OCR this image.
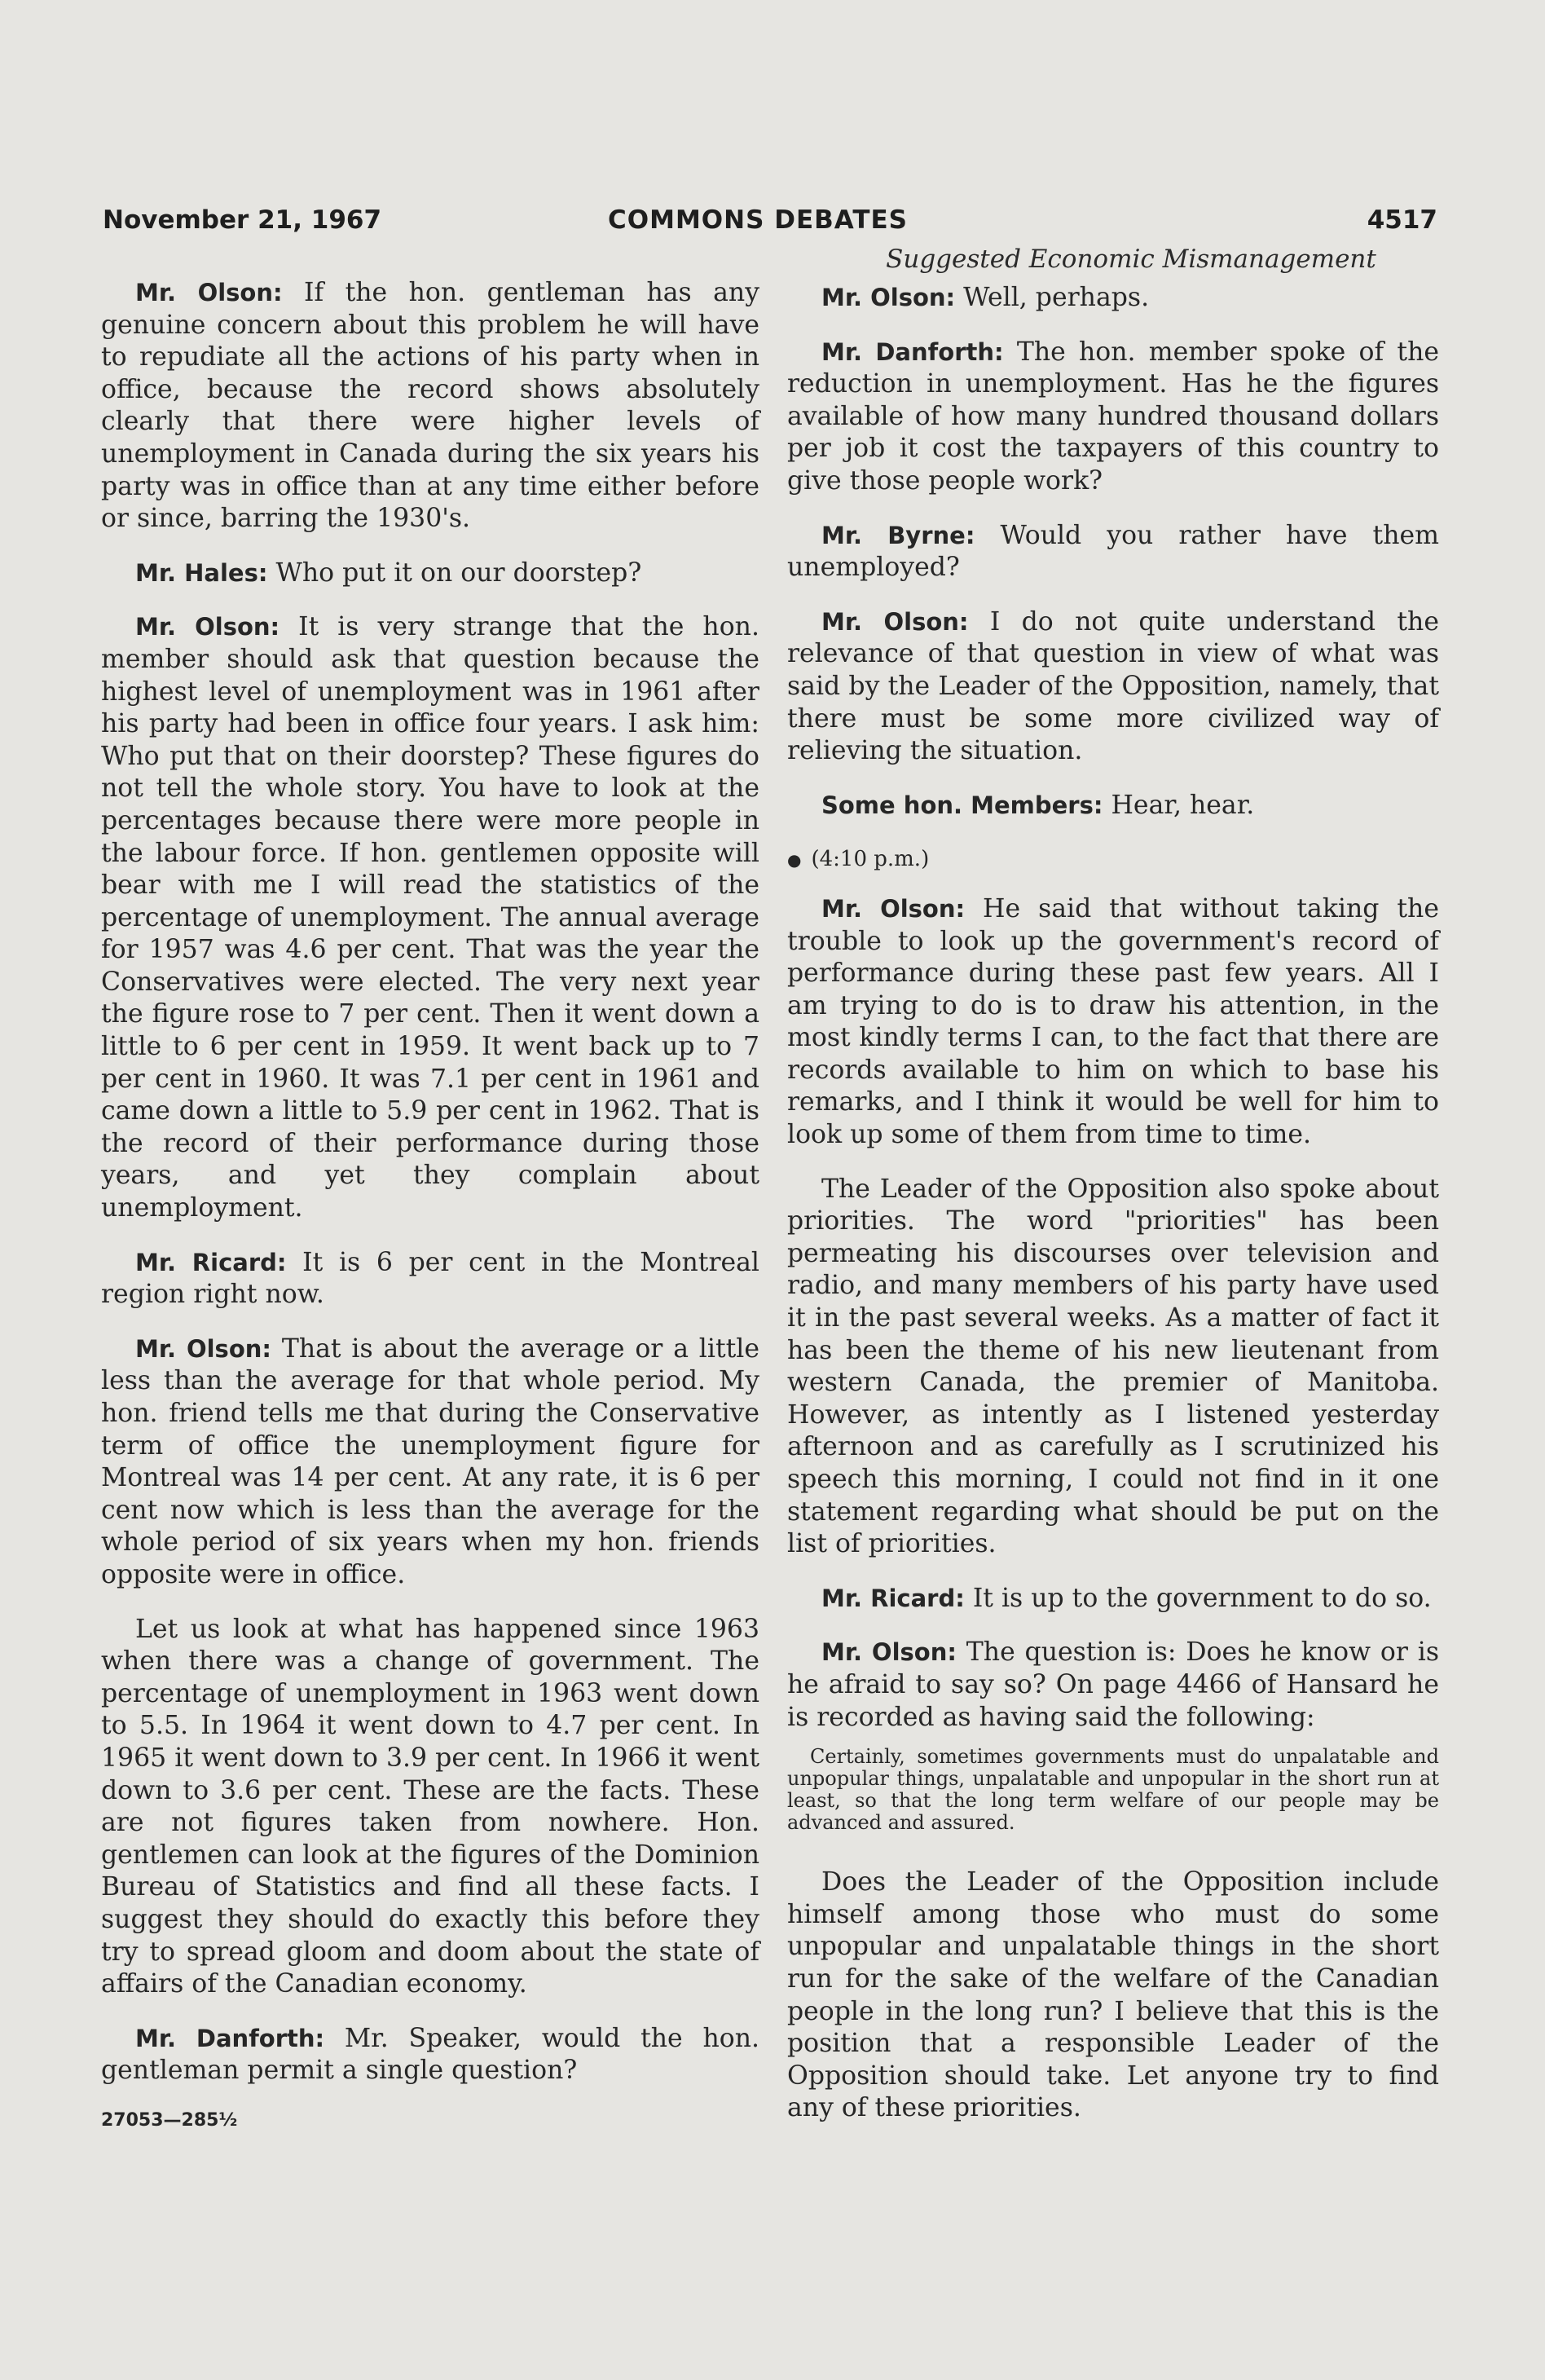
November 21, 1967	COMMONS DEBATES	4517
Suggested Economic Mismanagement

Mr. Olson: If the hon. gentleman has any genuine concern about this problem he will have to repudiate all the actions of his party when in office, because the record shows absolutely clearly that there were higher levels of unemployment in Canada during the six years his party was in office than at any time either before or since, barring the 1930's.

Mr. Hales: Who put it on our doorstep?

Mr. Olson: It is very strange that the hon. member should ask that question because the highest level of unemployment was in 1961 after his party had been in office four years. I ask him: Who put that on their doorstep? These figures do not tell the whole story. You have to look at the percentages because there were more people in the labour force. If hon. gentlemen opposite will bear with me I will read the statistics of the percentage of unemployment. The annual average for 1957 was 4.6 per cent. That was the year the Conservatives were elected. The very next year the figure rose to 7 per cent. Then it went down a little to 6 per cent in 1959. It went back up to 7 per cent in 1960. It was 7.1 per cent in 1961 and came down a little to 5.9 per cent in 1962. That is the record of their performance during those years, and yet they complain about unemployment.

Mr. Ricard: It is 6 per cent in the Montreal region right now.

Mr. Olson: That is about the average or a little less than the average for that whole period. My hon. friend tells me that during the Conservative term of office the unemployment figure for Montreal was 14 per cent. At any rate, it is 6 per cent now which is less than the average for the whole period of six years when my hon. friends opposite were in office.

Let us look at what has happened since 1963 when there was a change of government. The percentage of unemployment in 1963 went down to 5.5. In 1964 it went down to 4.7 per cent. In 1965 it went down to 3.9 per cent. In 1966 it went down to 3.6 per cent. These are the facts. These are not figures taken from nowhere. Hon. gentlemen can look at the figures of the Dominion Bureau of Statistics and find all these facts. I suggest they should do exactly this before they try to spread gloom and doom about the state of affairs of the Canadian economy.

Mr. Danforth: Mr. Speaker, would the hon. gentleman permit a single question?

27053—285½

Mr. Olson: Well, perhaps.

Mr. Danforth: The hon. member spoke of the reduction in unemployment. Has he the figures available of how many hundred thousand dollars per job it cost the taxpayers of this country to give those people work?

Mr. Byrne: Would you rather have them unemployed?

Mr. Olson: I do not quite understand the relevance of that question in view of what was said by the Leader of the Opposition, namely, that there must be some more civilized way of relieving the situation.

Some hon. Members: Hear, hear.

● (4:10 p.m.)

Mr. Olson: He said that without taking the trouble to look up the government's record of performance during these past few years. All I am trying to do is to draw his attention, in the most kindly terms I can, to the fact that there are records available to him on which to base his remarks, and I think it would be well for him to look up some of them from time to time.

The Leader of the Opposition also spoke about priorities. The word "priorities" has been permeating his discourses over television and radio, and many members of his party have used it in the past several weeks. As a matter of fact it has been the theme of his new lieutenant from western Canada, the premier of Manitoba. However, as intently as I listened yesterday afternoon and as carefully as I scrutinized his speech this morning, I could not find in it one statement regarding what should be put on the list of priorities.

Mr. Ricard: It is up to the government to do so.

Mr. Olson: The question is: Does he know or is he afraid to say so? On page 4466 of Hansard he is recorded as having said the following:

Certainly, sometimes governments must do unpalatable and unpopular things, unpalatable and unpopular in the short run at least, so that the long term welfare of our people may be advanced and assured.

Does the Leader of the Opposition include himself among those who must do some unpopular and unpalatable things in the short run for the sake of the welfare of the Canadian people in the long run? I believe that this is the position that a responsible Leader of the Opposition should take. Let anyone try to find any of these priorities.
